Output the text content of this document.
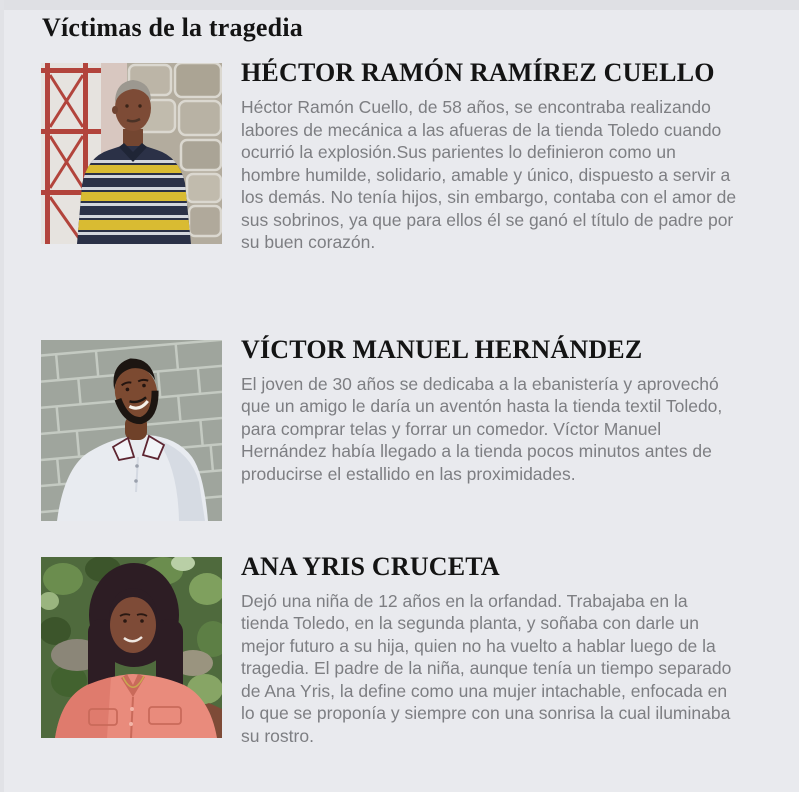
Víctimas de la tragedia
HÉCTOR RAMÓN RAMÍREZ CUELLO

Héctor Ramón Cuello, de 58 años, se encontraba realizando labores de mecánica a las afueras de la tienda Toledo cuando ocurrió la explosión.Sus parientes lo definieron como un hombre humilde, solidario, amable y único, dispuesto a servir a los demás. No tenía hijos, sin embargo, contaba con el amor de sus sobrinos, ya que para ellos él se ganó el título de padre por su buen corazón.

VÍCTOR MANUEL HERNÁNDEZ

El joven de 30 años se dedicaba a la ebanistería y aprovechó que un amigo le daría un aventón hasta la tienda textil Toledo, para comprar telas y forrar un comedor. Víctor Manuel Hernández había llegado a la tienda pocos minutos antes de producirse el estallido en las proximidades.

ANA YRIS CRUCETA

Dejó una niña de 12 años en la orfandad. Trabajaba en la tienda Toledo, en la segunda planta, y soñaba con darle un mejor futuro a su hija, quien no ha vuelto a hablar luego de la tragedia. El padre de la niña, aunque tenía un tiempo separado de Ana Yris, la define como una mujer intachable, enfocada en lo que se proponía y siempre con una sonrisa la cual iluminaba su rostro.
